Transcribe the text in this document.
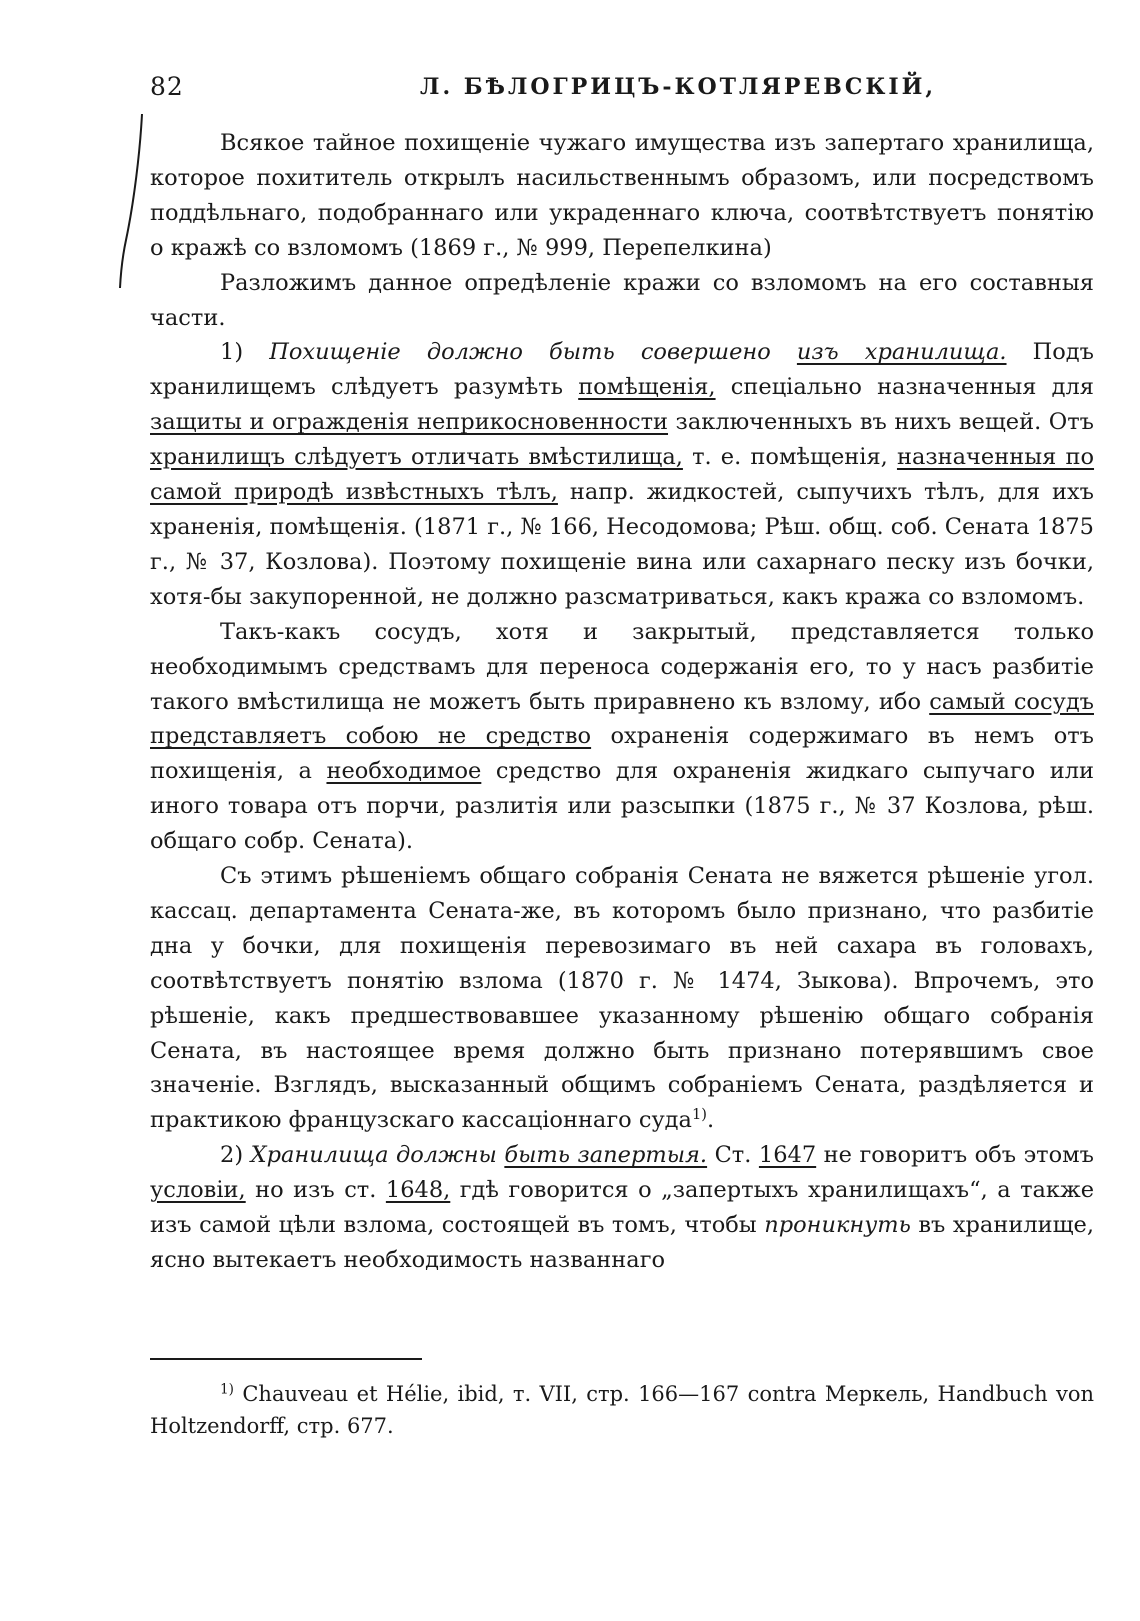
82	Л. БѢЛОГРИЦЪ-КОТЛЯРЕВСКІЙ,

Всякое тайное похищеніе чужаго имущества изъ запертаго хранилища, которое похититель открылъ насильственнымъ образомъ, или посредствомъ поддѣльнаго, подобраннаго или украденнаго ключа, соотвѣтствуетъ понятію о кражѣ со взломомъ (1869 г., № 999, Перепелкина)

Разложимъ данное опредѣленіе кражи со взломомъ на его составныя части.

1) Похищеніе должно быть совершено изъ хранилища. Подъ хранилищемъ слѣдуетъ разумѣть помѣщенія, спеціально назначенныя для защиты и огражденія неприкосновенности заключенныхъ въ нихъ вещей. Отъ хранилищъ слѣдуетъ отличать вмѣстилища, т. е. помѣщенія, назначенныя по самой природѣ извѣстныхъ тѣлъ, напр. жидкостей, сыпучихъ тѣлъ, для ихъ храненія, помѣщенія. (1871 г., № 166, Несодомова; Рѣш. общ. соб. Сената 1875 г., № 37, Козлова). Поэтому похищеніе вина или сахарнаго песку изъ бочки, хотя-бы закупоренной, не должно разсматриваться, какъ кража со взломомъ.

Такъ-какъ сосудъ, хотя и закрытый, представляется только необходимымъ средствамъ для переноса содержанія его, то у насъ разбитіе такого вмѣстилища не можетъ быть приравнено къ взлому, ибо самый сосудъ представляетъ собою не средство охраненія содержимаго въ немъ отъ похищенія, а необходимое средство для охраненія жидкаго сыпучаго или иного товара отъ порчи, разлитія или разсыпки (1875 г., № 37 Козлова, рѣш. общаго собр. Сената).

Съ этимъ рѣшеніемъ общаго собранія Сената не вяжется рѣшеніе угол. кассац. департамента Сената-же, въ которомъ было признано, что разбитіе дна у бочки, для похищенія перевозимаго въ ней сахара въ головахъ, соотвѣтствуетъ понятію взлома (1870 г. № 1474, Зыкова). Впрочемъ, это рѣшеніе, какъ предшествовавшее указанному рѣшенію общаго собранія Сената, въ настоящее время должно быть признано потерявшимъ свое значеніе. Взглядъ, высказанный общимъ собраніемъ Сената, раздѣляется и практикою французскаго кассаціоннаго суда$^{1)}$.

2) Хранилища должны быть запертыя. Ст. 1647 не говоритъ объ этомъ условіи, но изъ ст. 1648, гдѣ говорится о „запертыхъ хранилищахъ“, а также изъ самой цѣли взлома, состоящей въ томъ, чтобы проникнуть въ хранилище, ясно вытекаетъ необходимость названнаго

$^{1)}$ Chauveau et Hélie, ibid, т. VII, стр. 166—167 contra Меркель, Handbuch von Holtzendorff, стр. 677.
